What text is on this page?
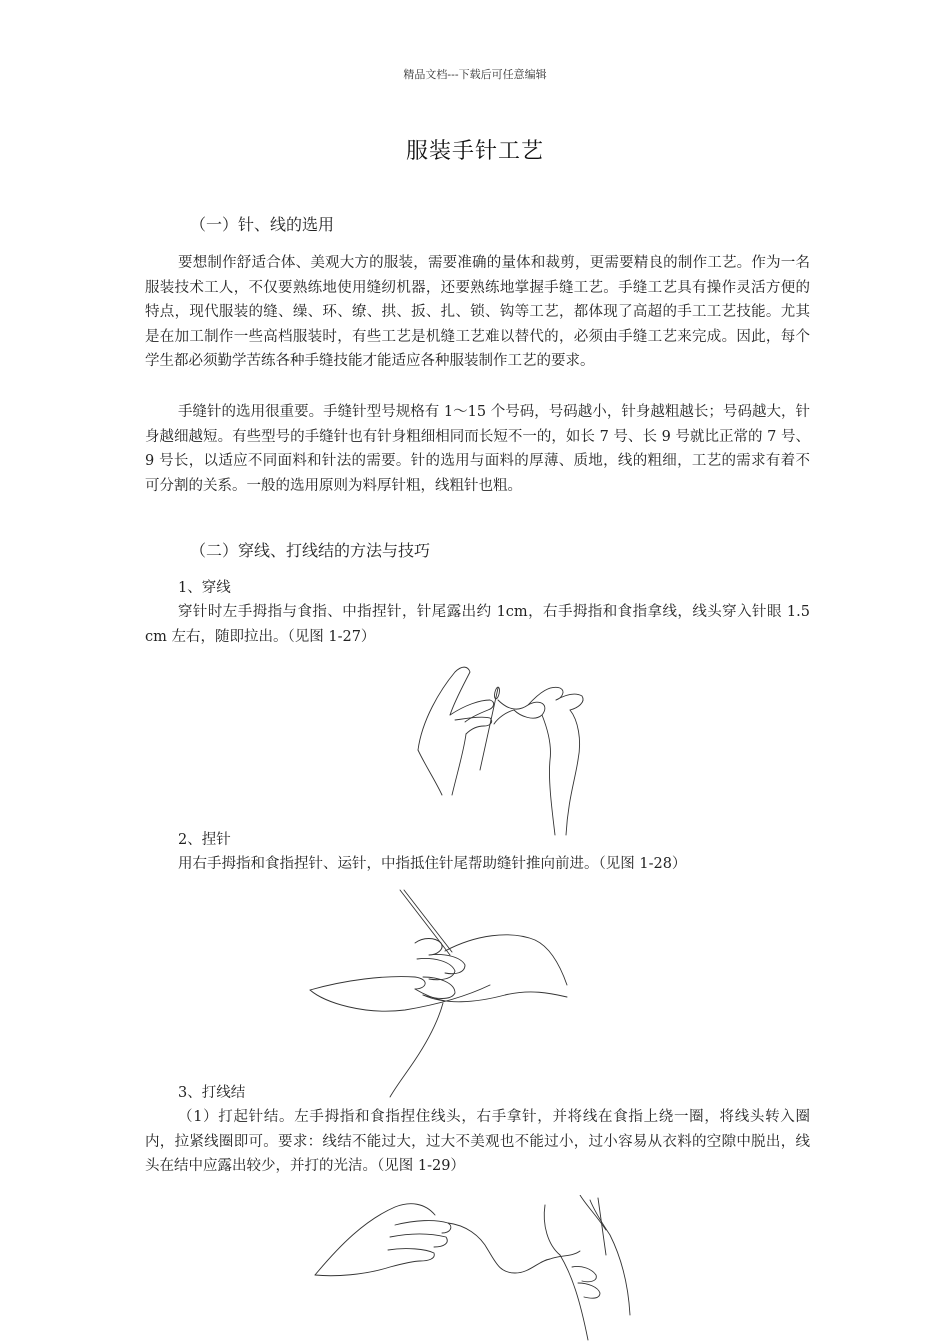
精品文档---下载后可任意编辑
服装手针工艺
（一）针、线的选用

要想制作舒适合体、美观大方的服装，需要准确的量体和裁剪，更需要精良的制作工艺。作为一名服装技术工人，不仅要熟练地使用缝纫机器，还要熟练地掌握手缝工艺。手缝工艺具有操作灵活方便的特点，现代服装的缝、缲、环、缭、拱、扳、扎、锁、钩等工艺，都体现了高超的手工工艺技能。尤其是在加工制作一些高档服装时，有些工艺是机缝工艺难以替代的，必须由手缝工艺来完成。因此，每个学生都必须勤学苦练各种手缝技能才能适应各种服装制作工艺的要求。

手缝针的选用很重要。手缝针型号规格有 1～15 个号码，号码越小，针身越粗越长；号码越大，针身越细越短。有些型号的手缝针也有针身粗细相同而长短不一的，如长 7 号、长 9 号就比正常的 7 号、9 号长，以适应不同面料和针法的需要。针的选用与面料的厚薄、质地，线的粗细，工艺的需求有着不可分割的关系。一般的选用原则为料厚针粗，线粗针也粗。

（二）穿线、打线结的方法与技巧
1、穿线

穿针时左手拇指与食指、中指捏针，针尾露出约 1cm，右手拇指和食指拿线，线头穿入针眼 1.5 cm 左右，随即拉出。（见图 1-27）

2、捏针
用右手拇指和食指捏针、运针，中指抵住针尾帮助缝针推向前进。（见图 1-28）
3、打线结

（1）打起针结。左手拇指和食指捏住线头，右手拿针，并将线在食指上绕一圈，将线头转入圈内，拉紧线圈即可。要求：线结不能过大，过大不美观也不能过小，过小容易从衣料的空隙中脱出，线头在结中应露出较少，并打的光洁。（见图 1-29）
